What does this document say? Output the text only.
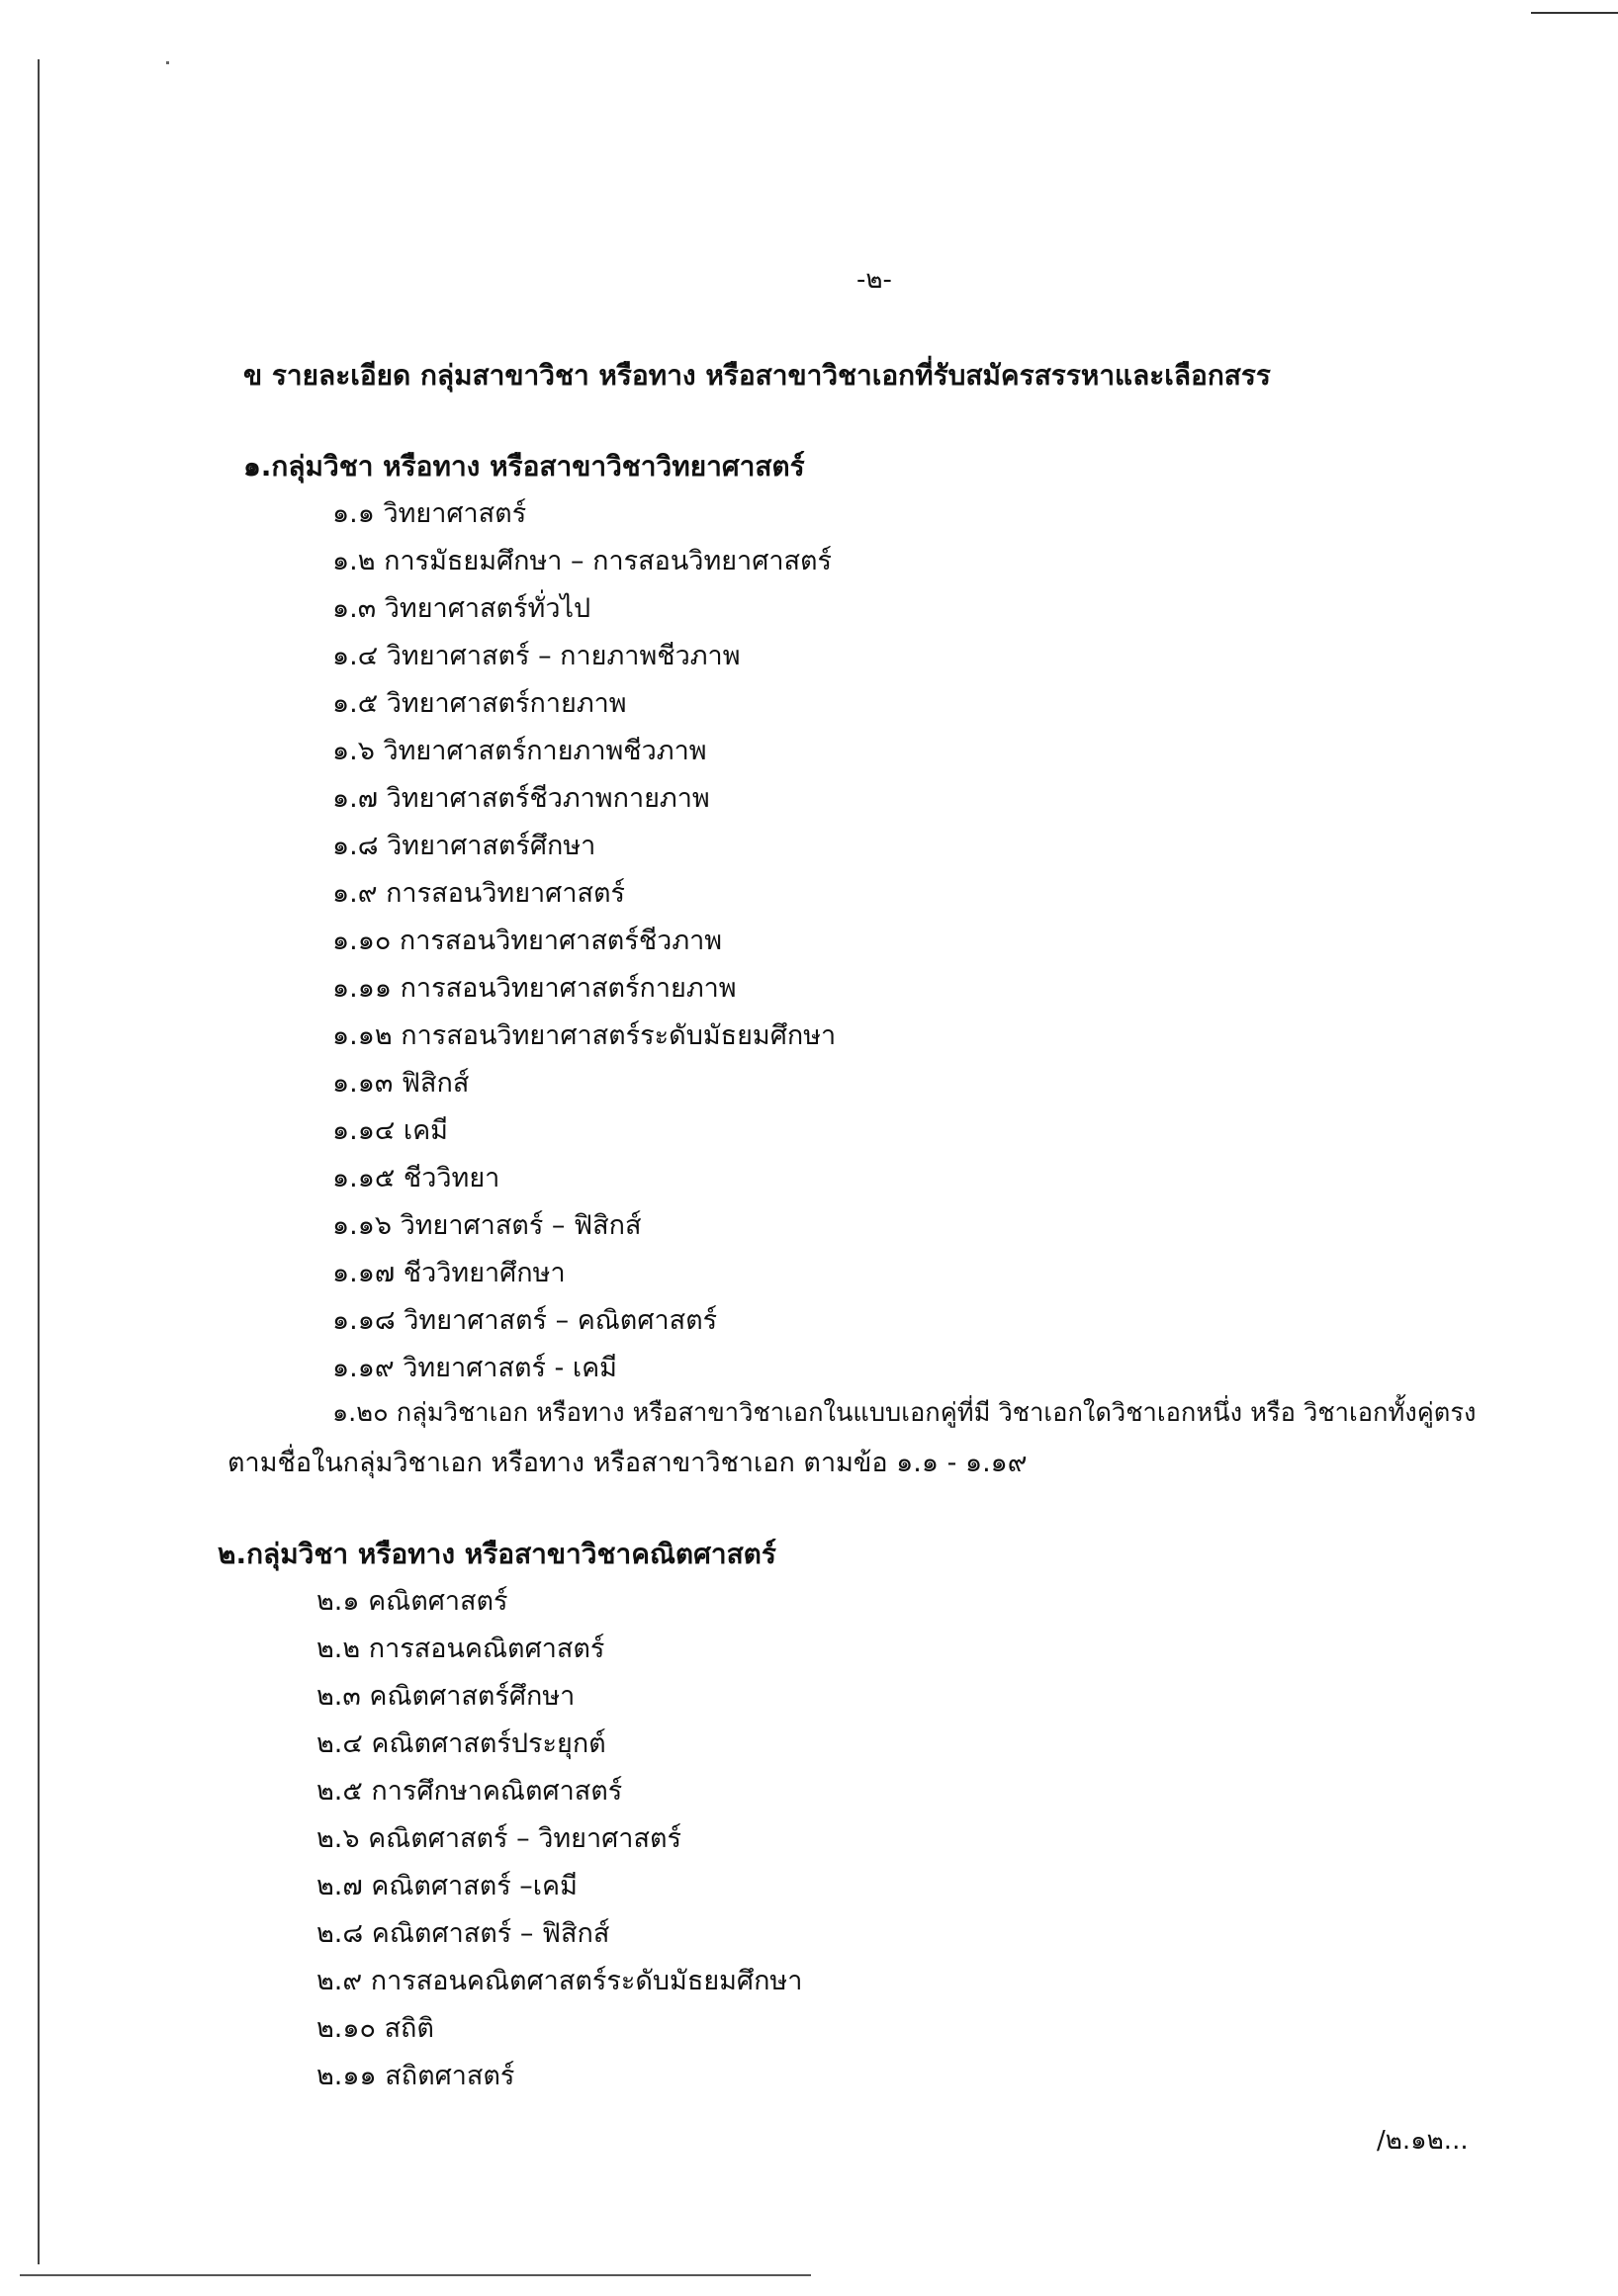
-๒-
ข รายละเอียด กลุ่มสาขาวิชา หรือทาง หรือสาขาวิชาเอกที่รับสมัครสรรหาและเลือกสรร
๑.กลุ่มวิชา หรือทาง หรือสาขาวิชาวิทยาศาสตร์
๑.๑ วิทยาศาสตร์
๑.๒ การมัธยมศึกษา – การสอนวิทยาศาสตร์
๑.๓ วิทยาศาสตร์ทั่วไป
๑.๔ วิทยาศาสตร์ – กายภาพชีวภาพ
๑.๕ วิทยาศาสตร์กายภาพ
๑.๖ วิทยาศาสตร์กายภาพชีวภาพ
๑.๗ วิทยาศาสตร์ชีวภาพกายภาพ
๑.๘ วิทยาศาสตร์ศึกษา
๑.๙ การสอนวิทยาศาสตร์
๑.๑๐ การสอนวิทยาศาสตร์ชีวภาพ
๑.๑๑ การสอนวิทยาศาสตร์กายภาพ
๑.๑๒ การสอนวิทยาศาสตร์ระดับมัธยมศึกษา
๑.๑๓ ฟิสิกส์
๑.๑๔ เคมี
๑.๑๕ ชีววิทยา
๑.๑๖ วิทยาศาสตร์ – ฟิสิกส์
๑.๑๗ ชีววิทยาศึกษา
๑.๑๘ วิทยาศาสตร์ – คณิตศาสตร์
๑.๑๙ วิทยาศาสตร์ - เคมี
๑.๒๐ กลุ่มวิชาเอก หรือทาง หรือสาขาวิชาเอกในแบบเอกคู่ที่มี วิชาเอกใดวิชาเอกหนึ่ง หรือ วิชาเอกทั้งคู่ตรง
ตามชื่อในกลุ่มวิชาเอก หรือทาง หรือสาขาวิชาเอก ตามข้อ ๑.๑ - ๑.๑๙
๒.กลุ่มวิชา หรือทาง หรือสาขาวิชาคณิตศาสตร์
๒.๑ คณิตศาสตร์
๒.๒ การสอนคณิตศาสตร์
๒.๓ คณิตศาสตร์ศึกษา
๒.๔ คณิตศาสตร์ประยุกต์
๒.๕ การศึกษาคณิตศาสตร์
๒.๖ คณิตศาสตร์ – วิทยาศาสตร์
๒.๗ คณิตศาสตร์ –เคมี
๒.๘ คณิตศาสตร์ – ฟิสิกส์
๒.๙ การสอนคณิตศาสตร์ระดับมัธยมศึกษา
๒.๑๐ สถิติ
๒.๑๑ สถิตศาสตร์
/๒.๑๒...
